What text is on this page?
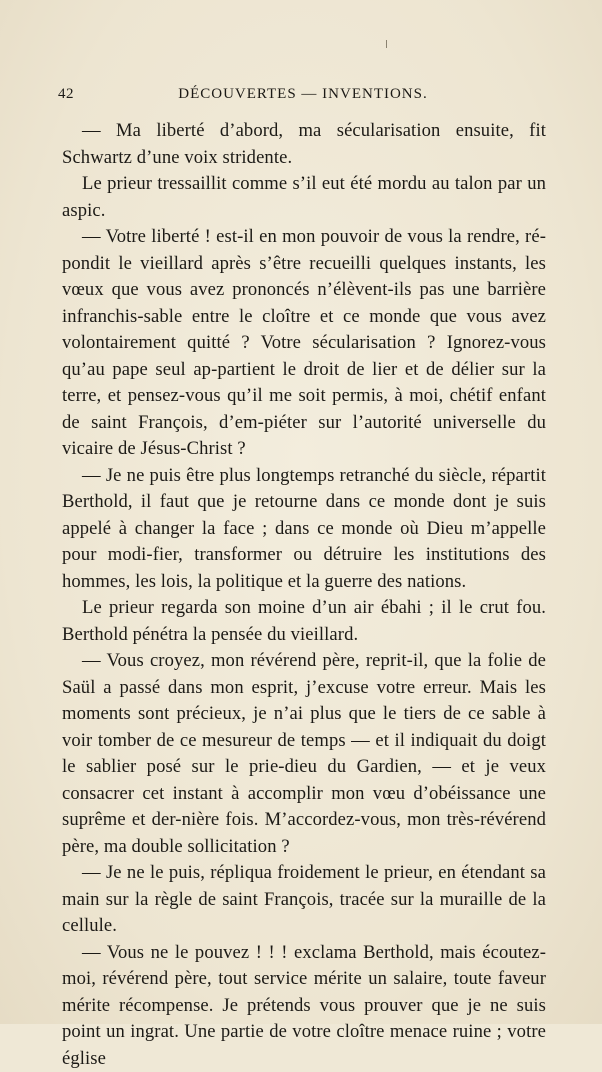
42	DÉCOUVERTES — INVENTIONS.

— Ma liberté d’abord, ma sécularisation ensuite, fit Schwartz d’une voix stridente.

Le prieur tressaillit comme s’il eut été mordu au talon par un aspic.

— Votre liberté ! est-il en mon pouvoir de vous la rendre, ré-pondit le vieillard après s’être recueilli quelques instants, les vœux que vous avez prononcés n’élèvent-ils pas une barrière infranchis-sable entre le cloître et ce monde que vous avez volontairement quitté ? Votre sécularisation ? Ignorez-vous qu’au pape seul ap-partient le droit de lier et de délier sur la terre, et pensez-vous qu’il me soit permis, à moi, chétif enfant de saint François, d’em-piéter sur l’autorité universelle du vicaire de Jésus-Christ ?

— Je ne puis être plus longtemps retranché du siècle, répartit Berthold, il faut que je retourne dans ce monde dont je suis appelé à changer la face ; dans ce monde où Dieu m’appelle pour modi-fier, transformer ou détruire les institutions des hommes, les lois, la politique et la guerre des nations.

Le prieur regarda son moine d’un air ébahi ; il le crut fou. Berthold pénétra la pensée du vieillard.

— Vous croyez, mon révérend père, reprit-il, que la folie de Saül a passé dans mon esprit, j’excuse votre erreur. Mais les moments sont précieux, je n’ai plus que le tiers de ce sable à voir tomber de ce mesureur de temps — et il indiquait du doigt le sablier posé sur le prie-dieu du Gardien, — et je veux consacrer cet instant à accomplir mon vœu d’obéissance une suprême et der-nière fois. M’accordez-vous, mon très-révérend père, ma double sollicitation ?

— Je ne le puis, répliqua froidement le prieur, en étendant sa main sur la règle de saint François, tracée sur la muraille de la cellule.

— Vous ne le pouvez ! ! ! exclama Berthold, mais écoutez-moi, révérend père, tout service mérite un salaire, toute faveur mérite récompense. Je prétends vous prouver que je ne suis point un ingrat. Une partie de votre cloître menace ruine ; votre église
